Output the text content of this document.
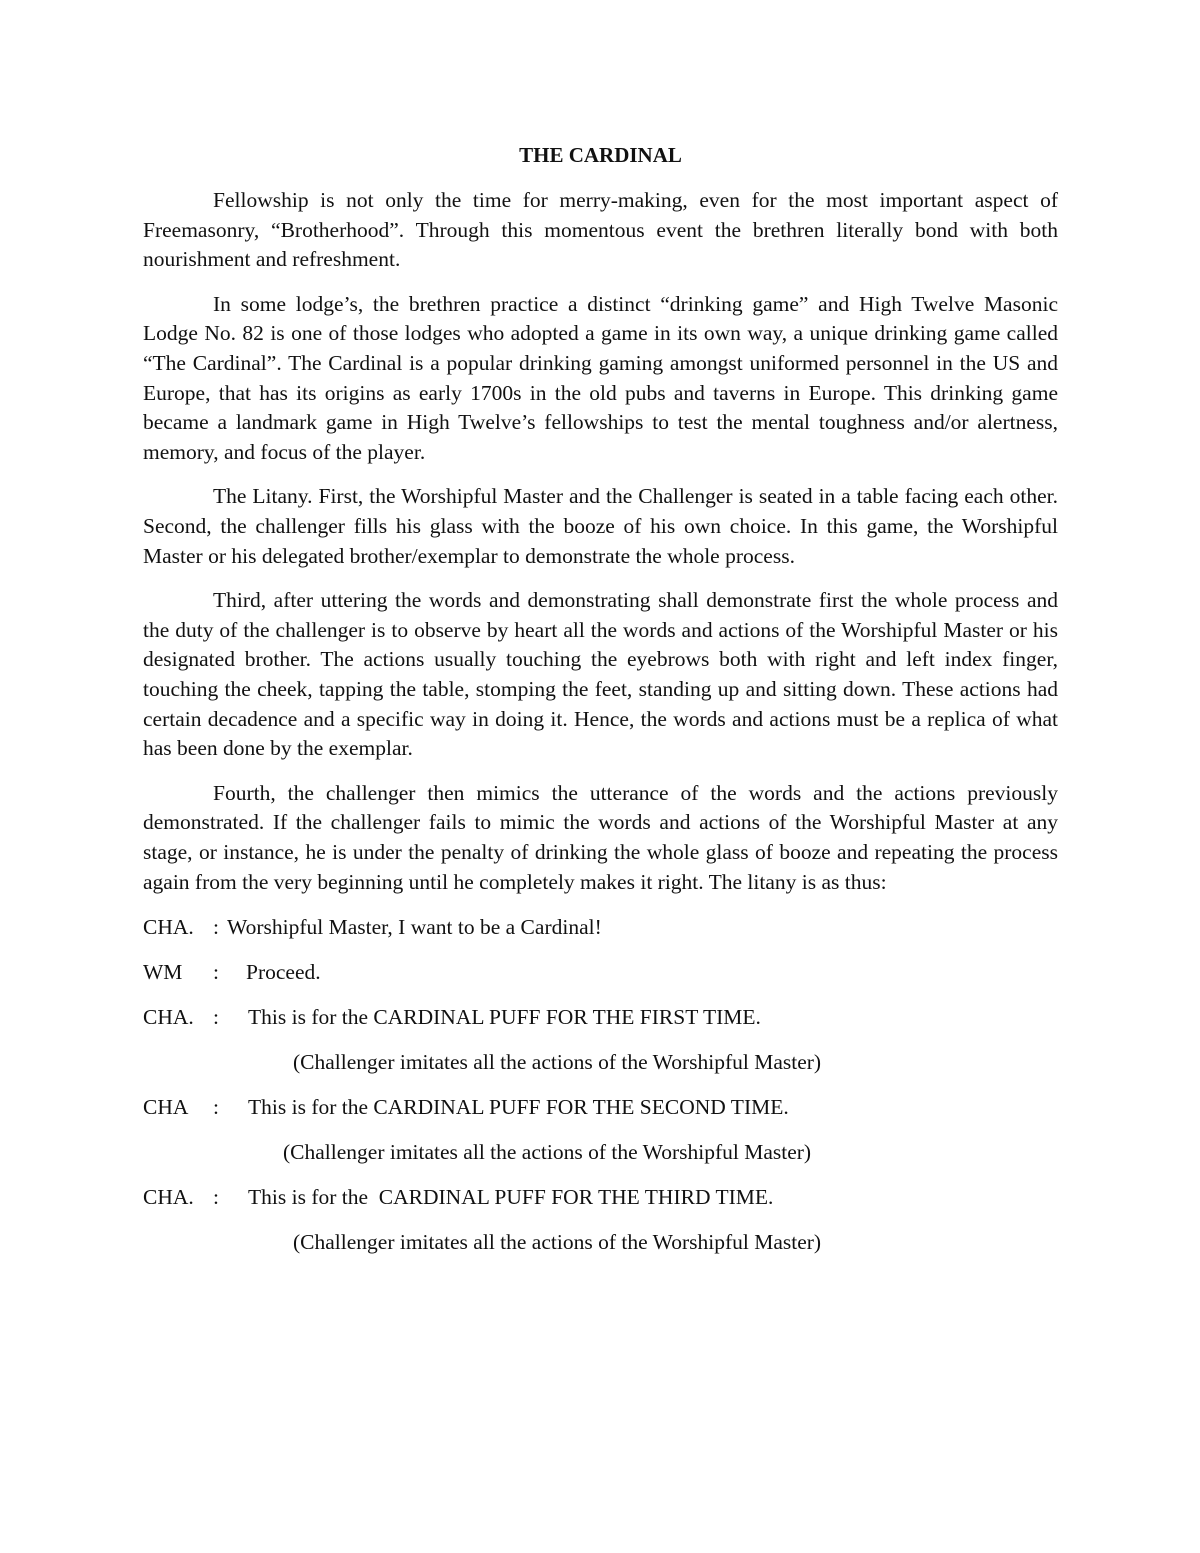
THE CARDINAL

Fellowship is not only the time for merry-making, even for the most important aspect of Freemasonry, “Brotherhood”. Through this momentous event the brethren literally bond with both nourishment and refreshment.

In some lodge’s, the brethren practice a distinct “drinking game” and High Twelve Masonic Lodge No. 82 is one of those lodges who adopted a game in its own way, a unique drinking game called “The Cardinal”. The Cardinal is a popular drinking gaming amongst uniformed personnel in the US and Europe, that has its origins as early 1700s in the old pubs and taverns in Europe. This drinking game became a landmark game in High Twelve’s fellowships to test the mental toughness and/or alertness, memory, and focus of the player.

The Litany. First, the Worshipful Master and the Challenger is seated in a table facing each other. Second, the challenger fills his glass with the booze of his own choice. In this game, the Worshipful Master or his delegated brother/exemplar to demonstrate the whole process.

Third, after uttering the words and demonstrating shall demonstrate first the whole process and the duty of the challenger is to observe by heart all the words and actions of the Worshipful Master or his designated brother. The actions usually touching the eyebrows both with right and left index finger, touching the cheek, tapping the table, stomping the feet, standing up and sitting down. These actions had certain decadence and a specific way in doing it. Hence, the words and actions must be a replica of what has been done by the exemplar.

Fourth, the challenger then mimics the utterance of the words and the actions previously demonstrated. If the challenger fails to mimic the words and actions of the Worshipful Master at any stage, or instance, he is under the penalty of drinking the whole glass of booze and repeating the process again from the very beginning until he completely makes it right. The litany is as thus:

CHA. : Worshipful Master, I want to be a Cardinal!
WM : Proceed.
CHA. : This is for the CARDINAL PUFF FOR THE FIRST TIME.
(Challenger imitates all the actions of the Worshipful Master)
CHA : This is for the CARDINAL PUFF FOR THE SECOND TIME.
(Challenger imitates all the actions of the Worshipful Master)
CHA. : This is for the  CARDINAL PUFF FOR THE THIRD TIME.
(Challenger imitates all the actions of the Worshipful Master)
